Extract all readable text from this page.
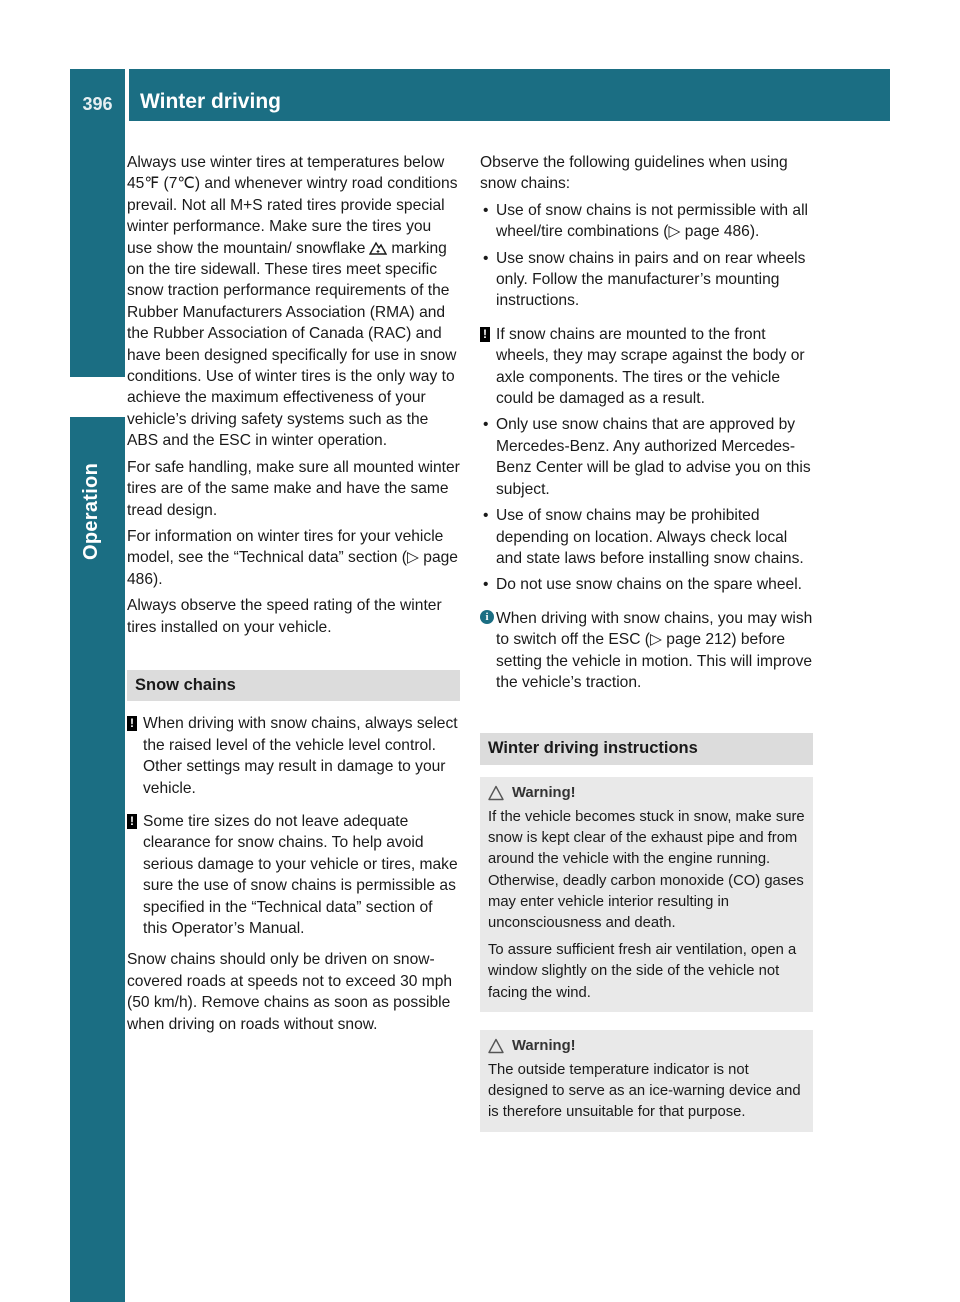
396	Winter driving
Operation

Always use winter tires at temperatures below 45℉ (7℃) and whenever wintry road conditions prevail. Not all M+S rated tires provide special winter performance. Make sure the tires you use show the mountain/ snowflake marking on the tire sidewall. These tires meet specific snow traction performance requirements of the Rubber Manufacturers Association (RMA) and the Rubber Association of Canada (RAC) and have been designed specifically for use in snow conditions. Use of winter tires is the only way to achieve the maximum effectiveness of your vehicle’s driving safety systems such as the ABS and the ESC in winter operation.

For safe handling, make sure all mounted winter tires are of the same make and have the same tread design.

For information on winter tires for your vehicle model, see the “Technical data” section (▷ page 486).

Always observe the speed rating of the winter tires installed on your vehicle.

Snow chains
! When driving with snow chains, always select the raised level of the vehicle level control. Other settings may result in damage to your vehicle.
! Some tire sizes do not leave adequate clearance for snow chains. To help avoid serious damage to your vehicle or tires, make sure the use of snow chains is permissible as specified in the “Technical data” section of this Operator’s Manual.

Snow chains should only be driven on snow-covered roads at speeds not to exceed 30 mph (50 km/h). Remove chains as soon as possible when driving on roads without snow.

Observe the following guidelines when using snow chains:

• Use of snow chains is not permissible with all wheel/tire combinations (▷ page 486).
• Use snow chains in pairs and on rear wheels only. Follow the manufacturer’s mounting instructions.
! If snow chains are mounted to the front wheels, they may scrape against the body or axle components. The tires or the vehicle could be damaged as a result.
• Only use snow chains that are approved by Mercedes-Benz. Any authorized Mercedes-Benz Center will be glad to advise you on this subject.
• Use of snow chains may be prohibited depending on location. Always check local and state laws before installing snow chains.
• Do not use snow chains on the spare wheel.
i When driving with snow chains, you may wish to switch off the ESC (▷ page 212) before setting the vehicle in motion. This will improve the vehicle’s traction.
Winter driving instructions
Warning!

If the vehicle becomes stuck in snow, make sure snow is kept clear of the exhaust pipe and from around the vehicle with the engine running. Otherwise, deadly carbon monoxide (CO) gases may enter vehicle interior resulting in unconsciousness and death.

To assure sufficient fresh air ventilation, open a window slightly on the side of the vehicle not facing the wind.

Warning!

The outside temperature indicator is not designed to serve as an ice-warning device and is therefore unsuitable for that purpose.
